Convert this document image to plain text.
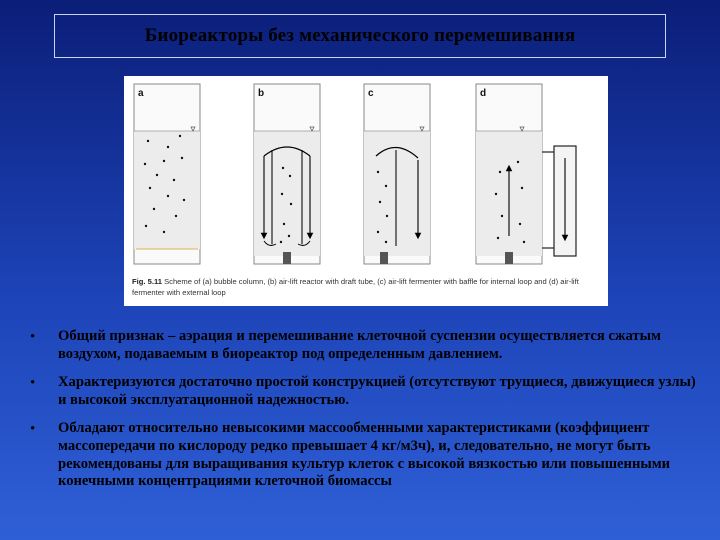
Биореакторы без механического перемешивания
a	b	c	d
Fig. 5.11 Scheme of (a) bubble column, (b) air-lift reactor with draft tube, (c) air-lift fermenter with baffle for internal loop and (d) air-lift fermenter with external loop
• Общий признак – аэрация и перемешивание клеточной суспензии осуществляется сжатым воздухом, подаваемым в биореактор под определенным давлением.
• Характеризуются достаточно простой конструкцией (отсутствуют трущиеся, движущиеся узлы) и высокой эксплуатационной надежностью.
• Обладают относительно невысокими массообменными характеристиками (коэффициент массопередачи по кислороду редко превышает 4 кг/м3ч), и, следовательно, не могут быть рекомендованы для выращивания культур клеток с высокой вязкостью или повышенными конечными концентрациями клеточной биомассы
